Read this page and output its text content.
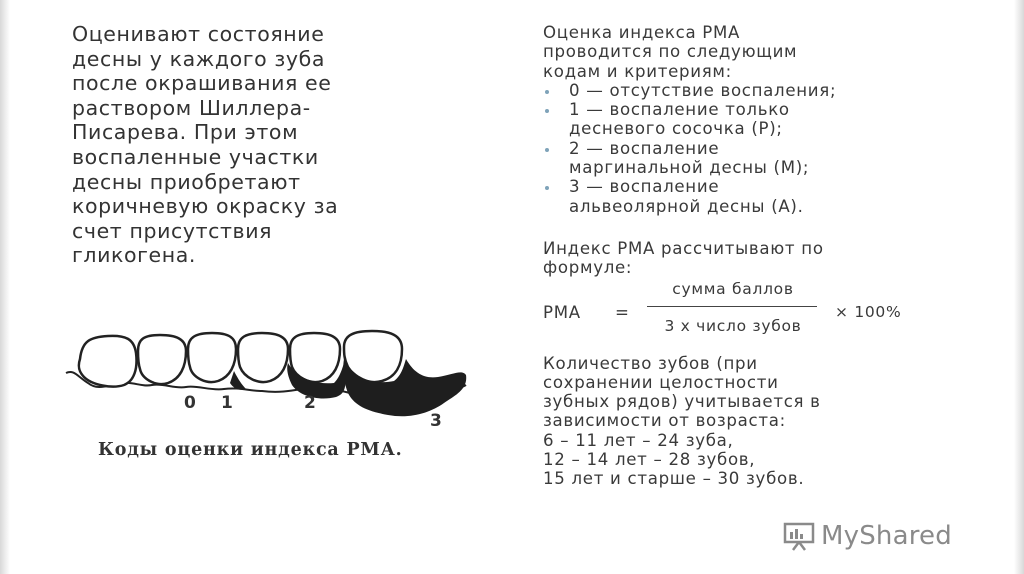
Оценивают состояние
десны у каждого зуба
после окрашивания ее
раствором Шиллера-
Писарева. При этом
воспаленные участки
десны приобретают
коричневую окраску за
счет присутствия
гликогена.
0 1	2
3
Коды оценки индекса РМА.
Оценка индекса РМА
проводится по следующим
кодам и критериям:
0 — отсутствие воспаления;
1 — воспаление только
десневого сосочка (Р);
2 — воспаление
маргинальной десны (М);
3 — воспаление
альвеолярной десны (А).
Индекс РМА рассчитывают по
формуле:
РМА =
сумма баллов
3 х число зубов
× 100%
Количество зубов (при
сохранении целостности
зубных рядов) учитывается в
зависимости от возраста:
6 – 11 лет – 24 зуба,
12 – 14 лет – 28 зубов,
15 лет и старше – 30 зубов.
MyShared
